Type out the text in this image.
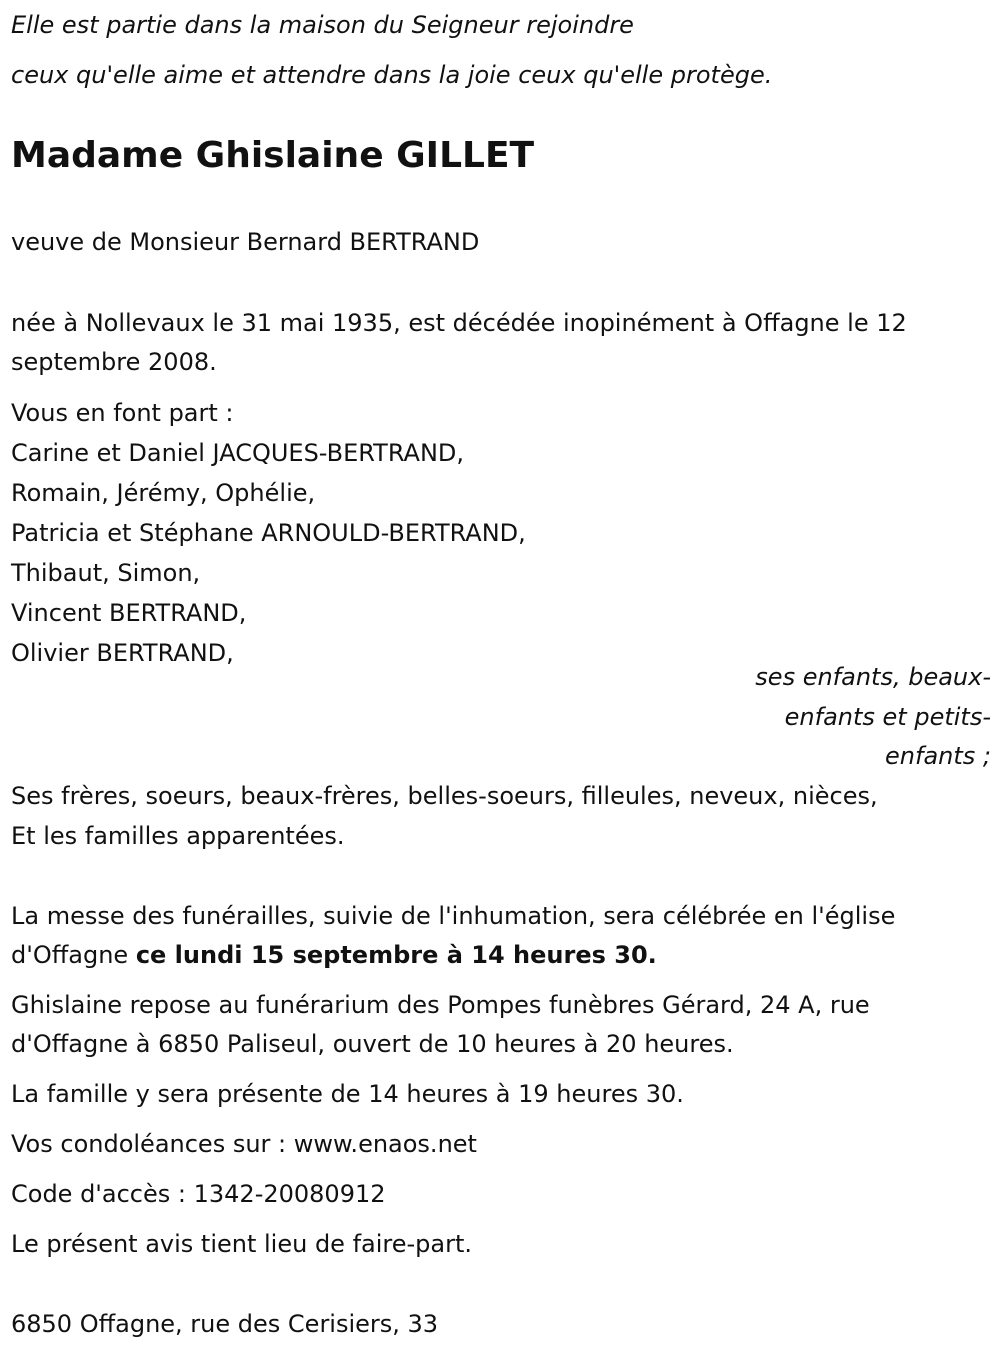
Elle est partie dans la maison du Seigneur rejoindre
ceux qu'elle aime et attendre dans la joie ceux qu'elle protège.
Madame Ghislaine GILLET
veuve de Monsieur Bernard BERTRAND
née à Nollevaux le 31 mai 1935, est décédée inopinément à Offagne le 12
septembre 2008.
Vous en font part :
Carine et Daniel JACQUES-BERTRAND,
Romain, Jérémy, Ophélie,
Patricia et Stéphane ARNOULD-BERTRAND,
Thibaut, Simon,
Vincent BERTRAND,
Olivier BERTRAND,
ses enfants, beaux-
enfants et petits-
enfants ;
Ses frères, soeurs, beaux-frères, belles-soeurs, filleules, neveux, nièces,
Et les familles apparentées.
La messe des funérailles, suivie de l'inhumation, sera célébrée en l'église
d'Offagne ce lundi 15 septembre à 14 heures 30.
Ghislaine repose au funérarium des Pompes funèbres Gérard, 24 A, rue
d'Offagne à 6850 Paliseul, ouvert de 10 heures à 20 heures.
La famille y sera présente de 14 heures à 19 heures 30.
Vos condoléances sur : www.enaos.net
Code d'accès : 1342-20080912
Le présent avis tient lieu de faire-part.
6850 Offagne, rue des Cerisiers, 33
